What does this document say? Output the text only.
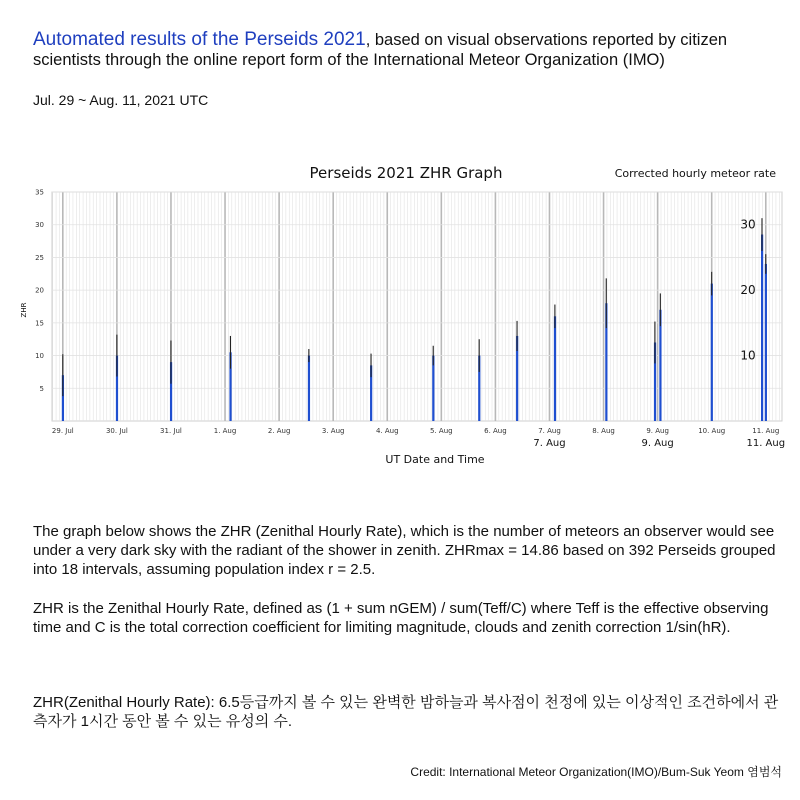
Automated results of the Perseids 2021, based on visual observations reported by citizen scientists through the online report form of the International Meteor Organization (IMO)
Jul. 29 ~ Aug. 11, 2021 UTC
5
10
15
20
25
30
35
29. Jul	30. Jul	31. Jul	1. Aug	2. Aug	3. Aug	4. Aug	5. Aug	6. Aug	7. Aug	8. Aug	9. Aug	10. Aug	11. Aug
7. Aug	9. Aug	11. Aug
30
20
10
Perseids 2021 ZHR Graph	Corrected hourly meteor rate
UT Date and Time
ZHR
The graph below shows the ZHR (Zenithal Hourly Rate), which is the number of meteors an observer would see under a very dark sky with the radiant of the shower in zenith. ZHRmax = 14.86 based on 392 Perseids grouped into 18 intervals, assuming population index r = 2.5.
ZHR is the Zenithal Hourly Rate, defined as (1 + sum nGEM) / sum(Teff/C) where Teff is the effective observing time and C is the total correction coefficient for limiting magnitude, clouds and zenith correction 1/sin(hR).
ZHR(Zenithal Hourly Rate): 6.5등급까지 볼 수 있는 완벽한 밤하늘과 복사점이 천정에 있는 이상적인 조건하에서 관측자가 1시간 동안 볼 수 있는 유성의 수.
Credit: International Meteor Organization(IMO)/Bum-Suk Yeom 염범석
